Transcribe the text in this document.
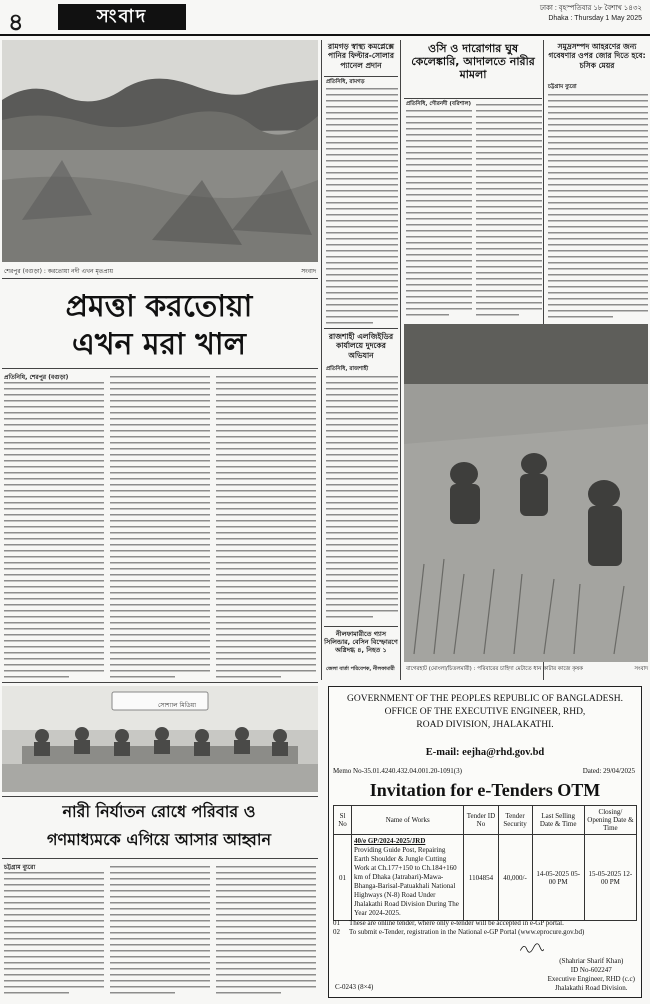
৪	সংবাদ	ঢাকা : বৃহস্পতিবার ১৮ বৈশাখ ১৪৩২
Dhaka : Thursday 1 May 2025
শেরপুর (বগুড়া) : করতোয়া নদী এখন মৃতপ্রায়	সংবাদ
প্রমত্তা করতোয়া
এখন মরা খাল
প্রতিনিধি, শেরপুর (বগুড়া)
সোশ্যাল মিডিয়া
নারী নির্যাতন রোধে পরিবার ও
গণমাধ্যমকে এগিয়ে আসার আহ্বান
চট্টগ্রাম ব্যুরো
রামগড় স্বাস্থ্য কমপ্লেক্সে পানির ফিল্টার-সোলার প্যানেল প্রদান
প্রতিনিধি, রামগড়
রাজশাহী এলজিইডির কার্যালয়ে দুদকের অভিযান
প্রতিনিধি, রাজশাহী
নীলফামারীতে গ্যাস সিলিন্ডার, বেসিন বিস্ফোরণে অগ্নিদগ্ধ ৪, নিহত ১
জেলা বার্তা পরিবেশক, নীলফামারী
ওসি ও দারোগার ঘুষ কেলেঙ্কারি, আদালতে নারীর মামলা
প্রতিনিধি, গৌরনদী (বরিশাল)
সমুদ্রসম্পদ আহরণের জন্য গবেষণার ওপর জোর দিতে হবে: চসিক মেয়র
চট্টগ্রাম ব্যুরো
বাগেরহাট (মোংলা/চিতলমারী) : পরিবারের চাহিদা মেটাতে ধান কাটার কাজে কৃষক	সংবাদ
GOVERNMENT OF THE PEOPLES REPUBLIC OF BANGLADESH.
OFFICE OF THE EXECUTIVE ENGINEER, RHD,
ROAD DIVISION, JHALAKATHI.
E-mail: eejha@rhd.gov.bd
Memo No-35.01.4240.432.04.001.20-1091(3)	Dated: 29/04/2025
Invitation for e-Tenders OTM
Sl No	Name of Works	Tender ID No	Tender Security	Last Selling Date & Time	Closing/ Opening Date & Time
01	40/e GP/2024-2025/JRD
Providing Guide Post, Repairing Earth Shoulder & Jungle Cutting Work at Ch.177+150 to Ch.184+160 km of Dhaka (Jatrabari)-Mawa-Bhanga-Barisal-Patuakhali National Highways (N-8) Road Under Jhalakathi Road Division During The Year 2024-2025.	1104854	40,000/-	14-05-2025 05-00 PM	15-05-2025 12-00 PM
01	These are online tender, where only e-tender will be accepted in e-GP portal.
02	To submit e-Tender, registration in the National e-GP Portal (www.eprocure.gov.bd)
(Shahriar Sharif Khan)
ID No-602247
Executive Engineer, RHD (c.c)
Jhalakathi Road Division.
C-0243 (8×4)
